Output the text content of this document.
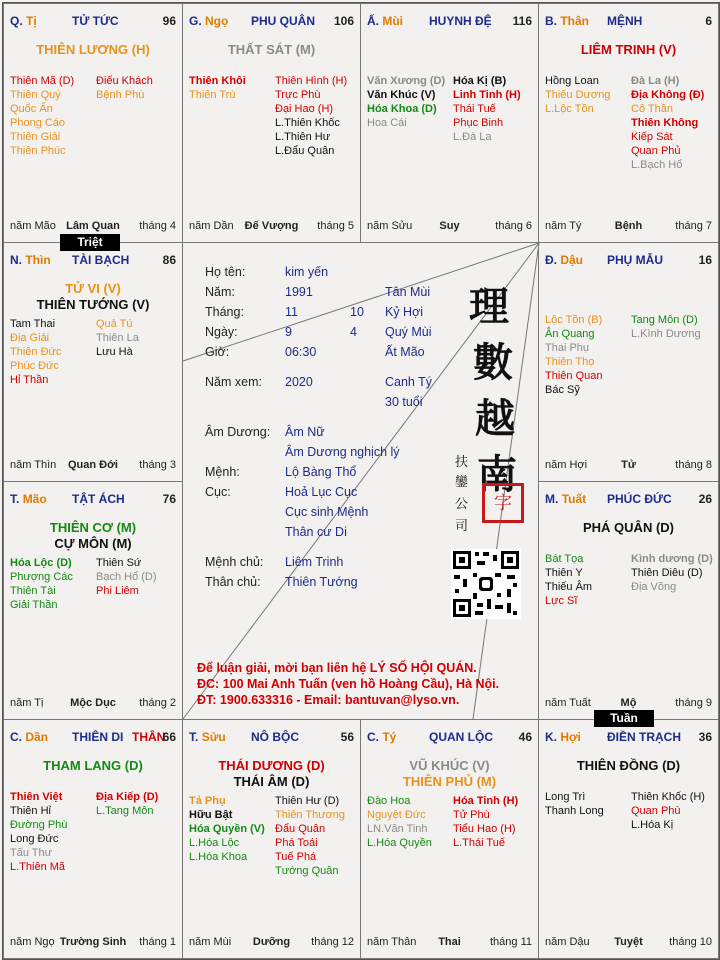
Q. Tị	TỬ TỨC	96
THIÊN LƯƠNG (H)
Thiên Mã (D)
Thiên Quý
Quốc Ấn
Phong Cáo
Thiên Giải
Thiên Phúc
Điếu Khách
Bệnh Phù
năm Mão Lâm Quan	tháng 4
G. Ngọ PHU QUÂN 106
THẤT SÁT (M)
Thiên Khôi
Thiên Trù
Thiên Hình (H)
Trực Phù
Đại Hao (H)
L.Thiên Khốc
L.Thiên Hư
L.Đẩu Quân
năm Dần	Đế Vượng	tháng 5
Ấ. Mùi HUYNH ĐỆ 116
Văn Xương (D)
Văn Khúc (V)
Hóa Khoa (D)
Hoa Cái
Hóa Kị (B)
Linh Tinh (H)
Thái Tuế
Phục Binh
L.Đà La
năm Sửu	Suy	tháng 6
B. Thân MỆNH	6
LIÊM TRINH (V)
Hồng Loan
Thiếu Dương
L.Lộc Tồn
Đà La (H)
Địa Không (Đ)
Cô Thần
Thiên Không
Kiếp Sát
Quan Phủ
L.Bạch Hổ
năm Tý	Bệnh	tháng 7
N. Thìn TÀI BẠCH	86
TỬ VI (V)
THIÊN TƯỚNG (V)
Tam Thai
Địa Giải
Thiên Đức
Phúc Đức
Hỉ Thần
Quả Tú
Thiên La
Lưu Hà
năm Thìn	Quan Đới	tháng 3
Đ. Dậu PHỤ MẪU	16
Lộc Tồn (B)
Ân Quang
Thai Phụ
Thiên Thọ
Thiên Quan
Bác Sỹ
Tang Môn (D)
L.Kình Dương
năm Hợi	Tử	tháng 8
T. Mão TẬT ÁCH	76
THIÊN CƠ (M)
CỰ MÔN (M)
Hóa Lộc (D)
Phượng Các
Thiên Tài
Giải Thần
Thiên Sứ
Bạch Hổ (D)
Phi Liêm
năm Tị	Mộc Dục	tháng 2
M. Tuất PHÚC ĐỨC 26
PHÁ QUÂN (D)
Bát Tọa
Thiên Y
Thiếu Âm
Lực Sĩ
Kình dương (D)
Thiên Diêu (D)
Địa Võng
năm Tuất	Mộ	tháng 9
C. Dần THIÊN DI THÂN
66
THAM LANG (D)
Thiên Việt
Thiên Hỉ
Đường Phù
Long Đức
Tấu Thư
L.Thiên Mã
Địa Kiếp (D)
L.Tang Môn
năm Ngọ Trường Sinh	tháng 1
T. Sửu NÔ BỘC	56
THÁI DƯƠNG (D)
THÁI ÂM (D)
Tả Phụ
Hữu Bật
Hóa Quyền (V)
L.Hóa Lộc
L.Hóa Khoa
Thiên Hư (D)
Thiên Thương
Đẩu Quân
Phá Toái
Tuế Phá
Tướng Quân
năm Mùi	Dưỡng	tháng 12
C. Tý	QUAN LỘC 46
VŨ KHÚC (V)
THIÊN PHỦ (M)
Đào Hoa
Nguyệt Đức
LN.Văn Tinh
L.Hóa Quyền
Hóa Tinh (H)
Tử Phù
Tiểu Hao (H)
L.Thái Tuế
năm Thân	Thai	tháng 11
K. Hợi ĐIỀN TRẠCH 36
THIÊN ĐỒNG (D)
Long Trì
Thanh Long
Thiên Khốc (H)
Quan Phù
L.Hóa Kị
năm Dậu	Tuyệt	tháng 10
Triệt
Tuần
Họ tên:	kim yến
Năm:	1991	Tân Mùi
Tháng:	11	10 Kỷ Hợi
Ngày:	9	4 Quý Mùi
Giờ:	06:30	Ất Mão
Năm xem: 2020	Canh Tý
30 tuổi
Âm Dương: Âm Nữ
Âm Dương nghịch lý
Mệnh:	Lộ Bàng Thổ
Cục:	Hoả Lục Cục
Cục sinh Mệnh
Thân cư Di
Mệnh chủ: Liêm Trinh
Thân chủ: Thiên Tướng
理
數
越
南
扶
鑾
公
司
字
Để luận giải, mời bạn liên hệ LÝ SỐ HỘI QUÁN.
ĐC: 100 Mai Anh Tuấn (ven hồ Hoàng Cầu), Hà Nội.
ĐT: 1900.633316 - Email: bantuvan@lyso.vn.
